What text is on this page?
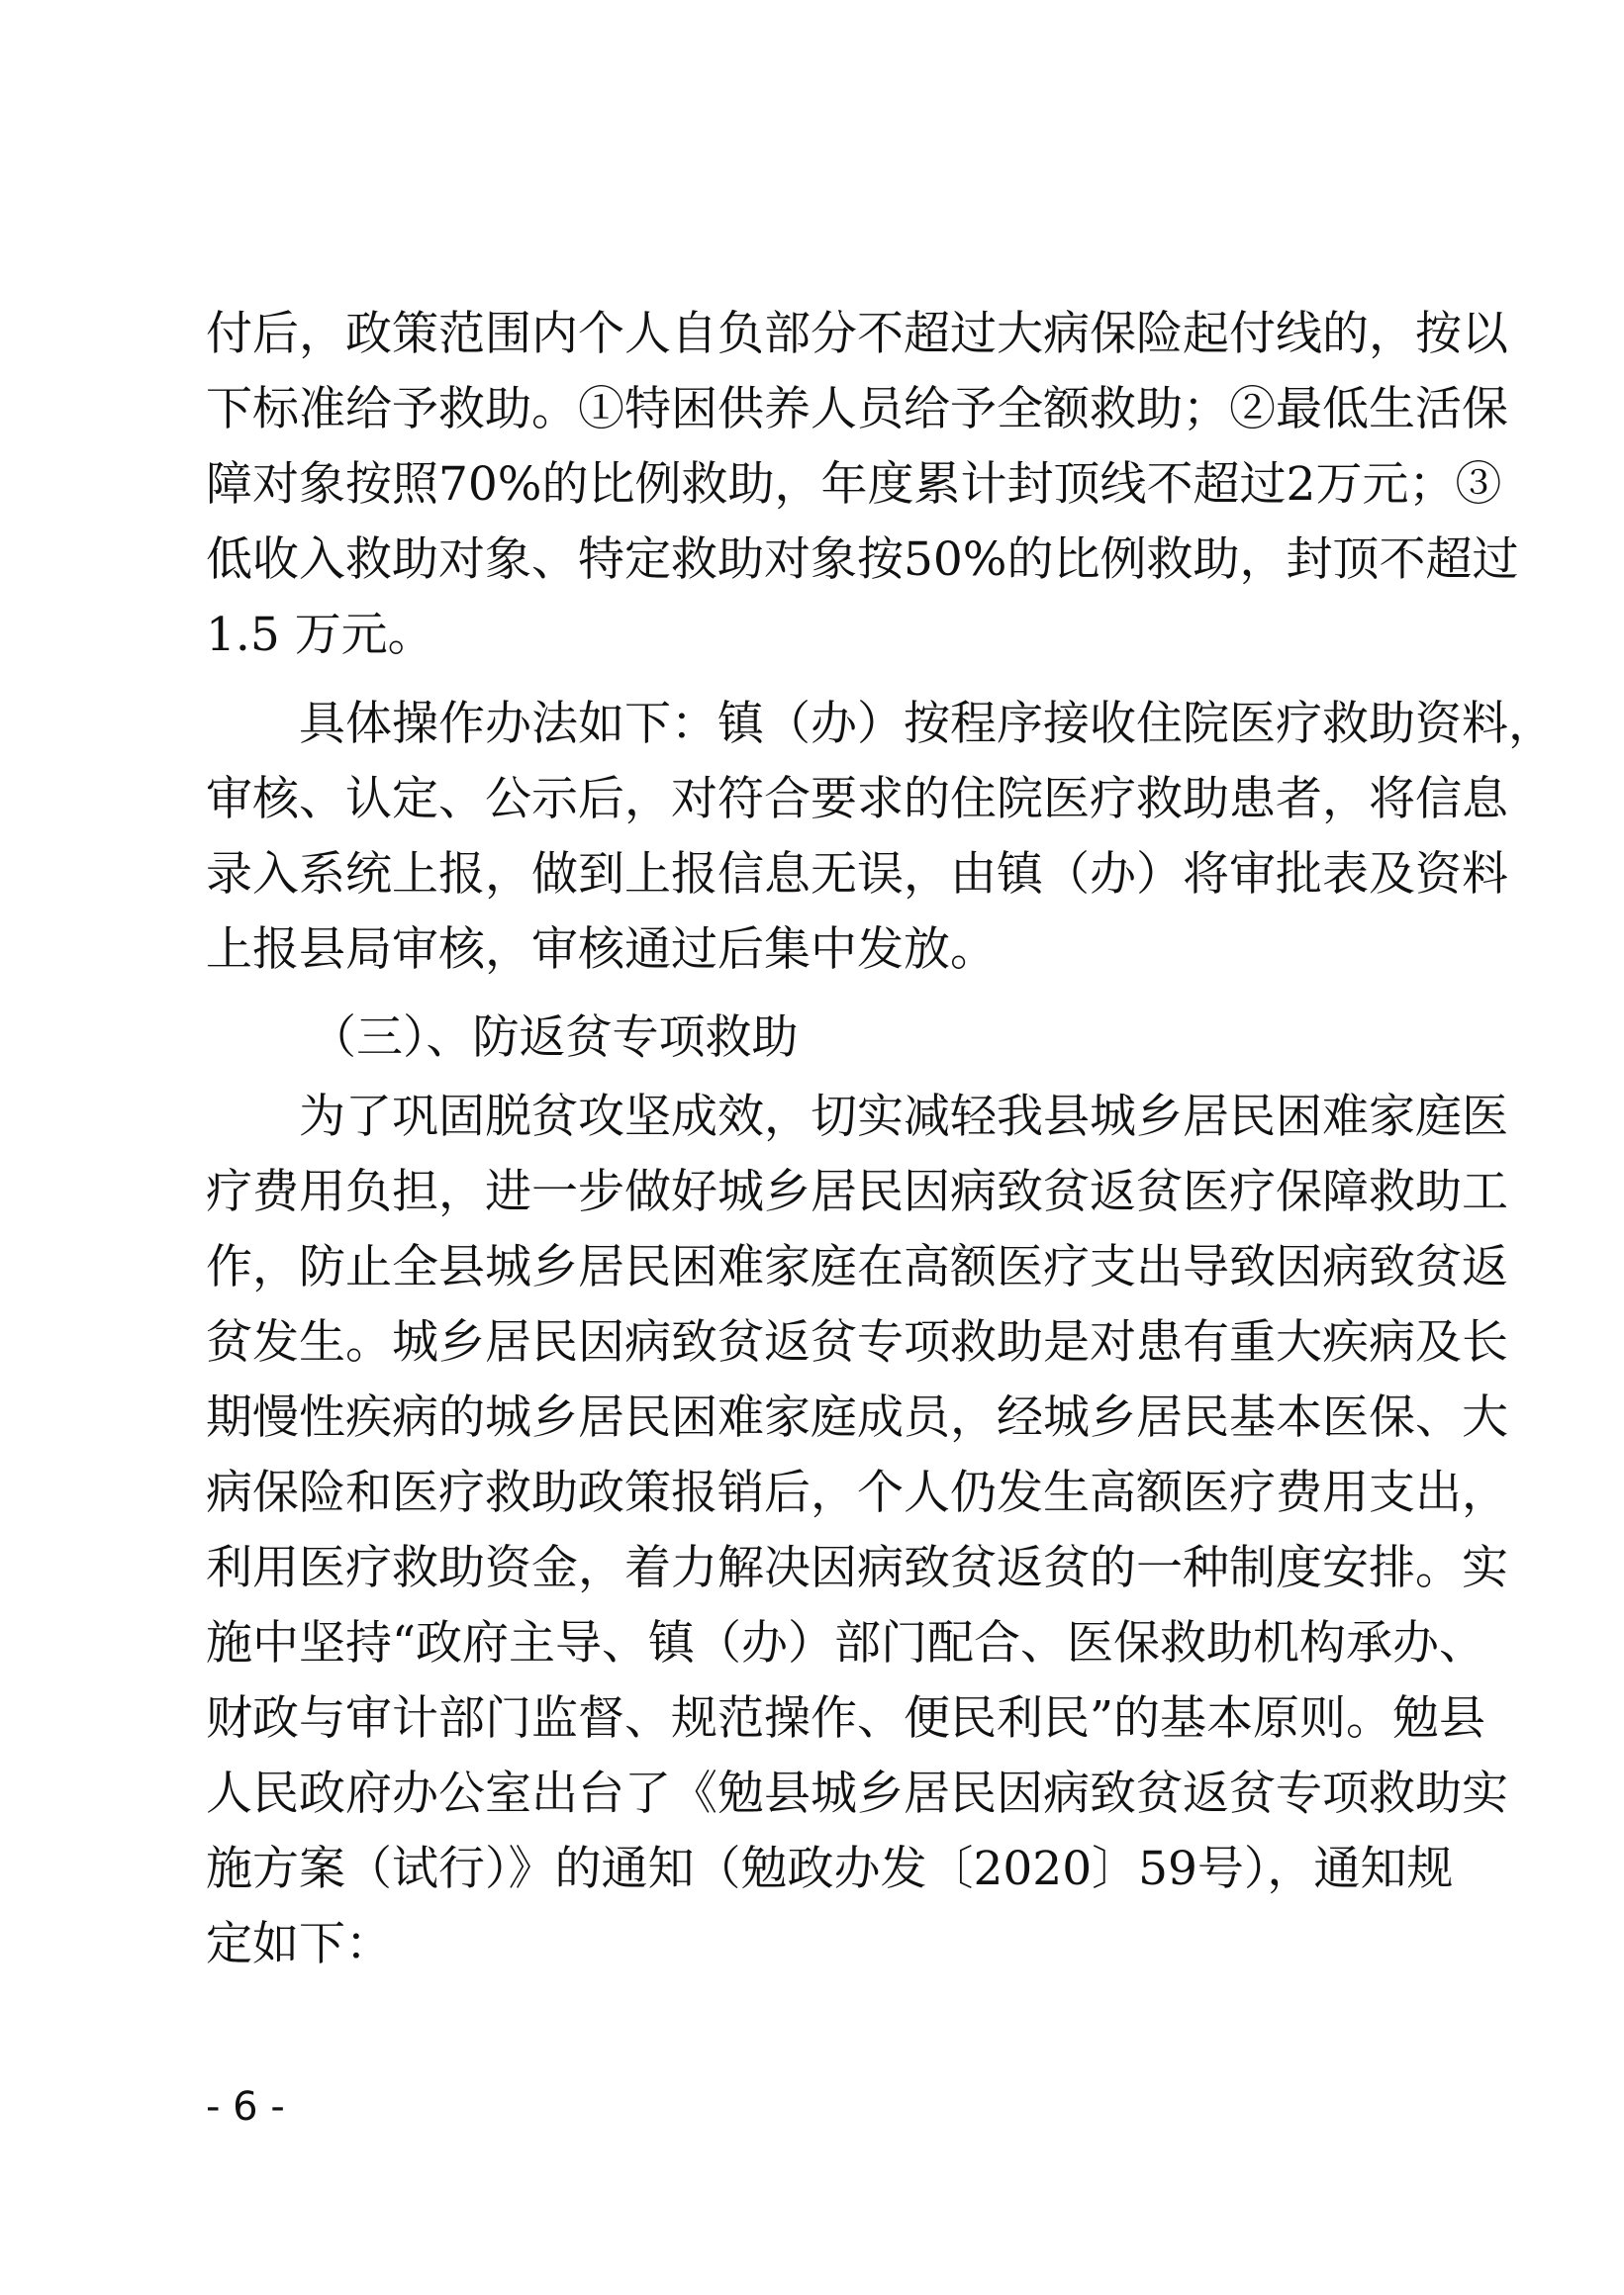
付后，政策范围内个人自负部分不超过大病保险起付线的，按以
下标准给予救助。①特困供养人员给予全额救助；②最低生活保
障对象按照70%的比例救助，年度累计封顶线不超过2万元；③
低收入救助对象、特定救助对象按50%的比例救助，封顶不超过
1.5 万元。
具体操作办法如下：镇（办）按程序接收住院医疗救助资料，
审核、认定、公示后，对符合要求的住院医疗救助患者，将信息
录入系统上报，做到上报信息无误，由镇（办）将审批表及资料
上报县局审核，审核通过后集中发放。
（三）、防返贫专项救助
为了巩固脱贫攻坚成效，切实减轻我县城乡居民困难家庭医
疗费用负担，进一步做好城乡居民因病致贫返贫医疗保障救助工
作，防止全县城乡居民困难家庭在高额医疗支出导致因病致贫返
贫发生。城乡居民因病致贫返贫专项救助是对患有重大疾病及长
期慢性疾病的城乡居民困难家庭成员，经城乡居民基本医保、大
病保险和医疗救助政策报销后，个人仍发生高额医疗费用支出，
利用医疗救助资金，着力解决因病致贫返贫的一种制度安排。实
施中坚持“政府主导、镇（办）部门配合、医保救助机构承办、
财政与审计部门监督、规范操作、便民利民”的基本原则。勉县
人民政府办公室出台了《勉县城乡居民因病致贫返贫专项救助实
施方案（试行）》的通知（勉政办发〔2020〕59号），通知规
定如下：
- 6 -
